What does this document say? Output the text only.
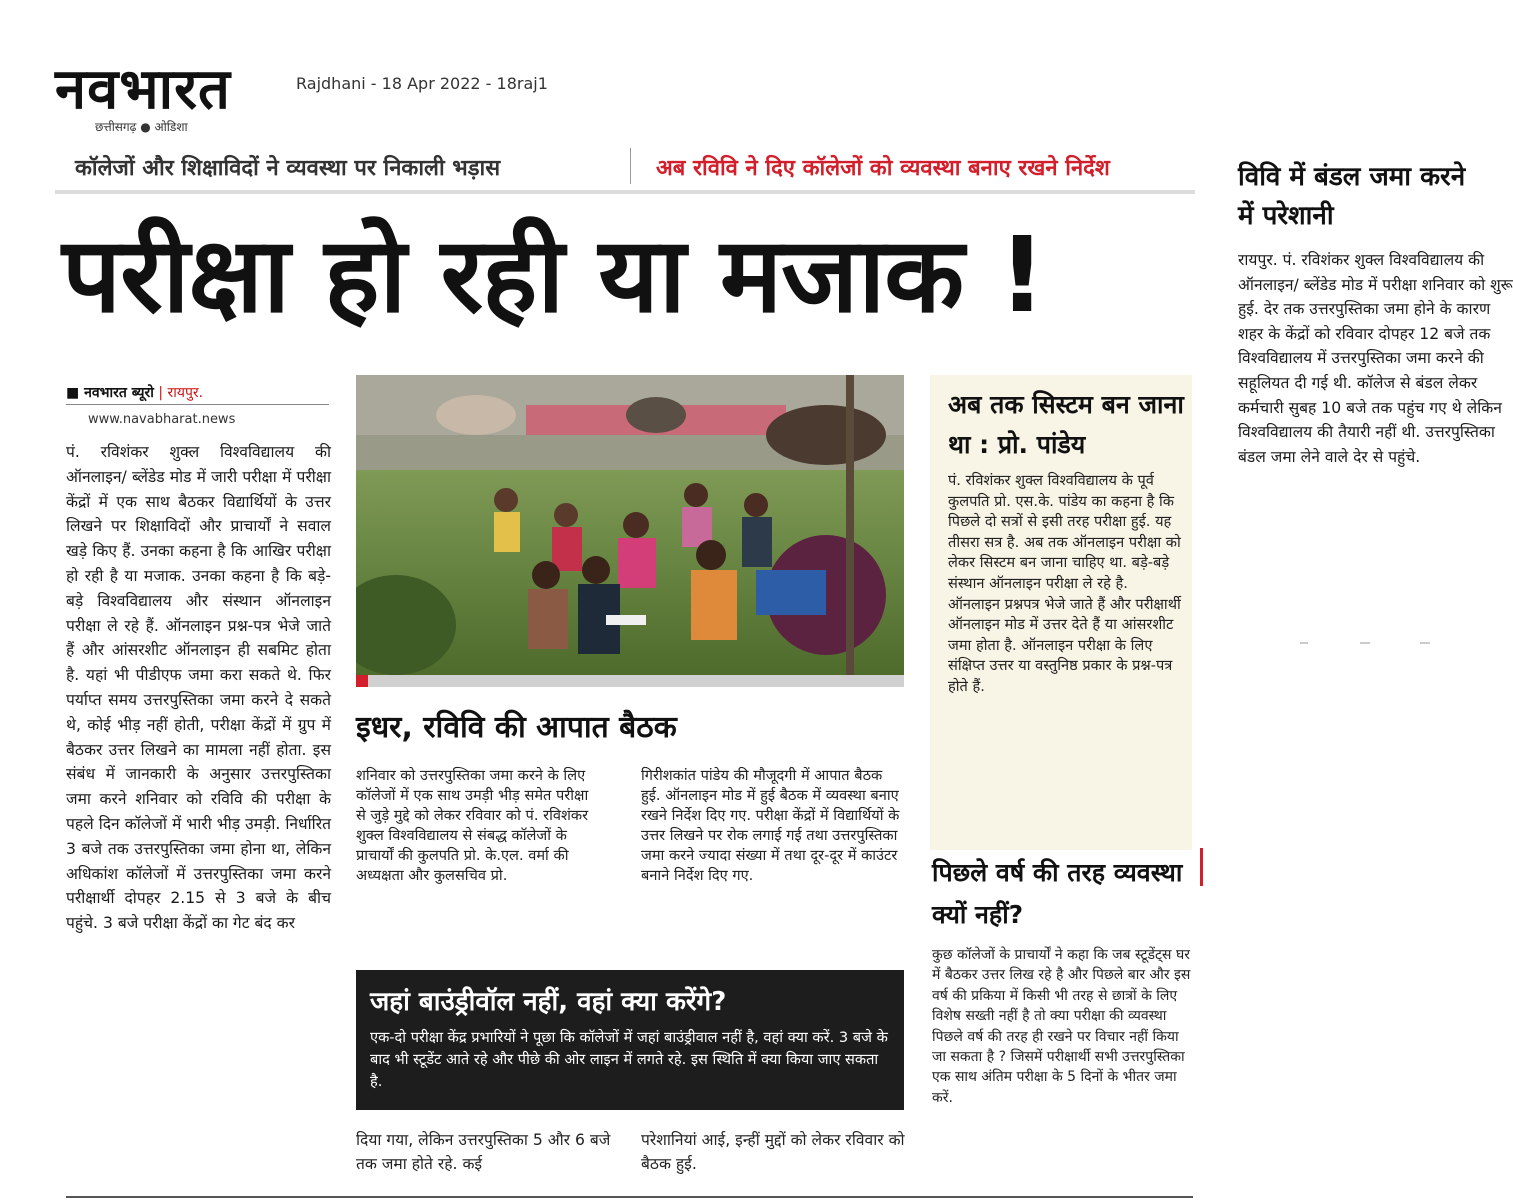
नवभारत
छत्तीसगढ़ ● ओडिशा
Rajdhani - 18 Apr 2022 - 18raj1
कॉलेजों और शिक्षाविदों ने व्यवस्था पर निकाली भड़ास	अब रविवि ने दिए कॉलेजों को व्यवस्था बनाए रखने निर्देश
परीक्षा हो रही या मजाक !
■ नवभारत ब्यूरो | रायपुर.
www.navabharat.news
पं. रविशंकर शुक्ल विश्वविद्यालय की ऑनलाइन/ ब्लेंडेड मोड में जारी परीक्षा में परीक्षा केंद्रों में एक साथ बैठकर विद्यार्थियों के उत्तर लिखने पर शिक्षाविदों और प्राचार्यों ने सवाल खड़े किए हैं. उनका कहना है कि आखिर परीक्षा हो रही है या मजाक. उनका कहना है कि बड़े-बड़े विश्वविद्यालय और संस्थान ऑनलाइन परीक्षा ले रहे हैं. ऑनलाइन प्रश्न-पत्र भेजे जाते हैं और आंसरशीट ऑनलाइन ही सबमिट होता है. यहां भी पीडीएफ जमा करा सकते थे. फिर पर्याप्त समय उत्तरपुस्तिका जमा करने दे सकते थे, कोई भीड़ नहीं होती, परीक्षा केंद्रों में ग्रुप में बैठकर उत्तर लिखने का मामला नहीं होता. इस संबंध में जानकारी के अनुसार उत्तरपुस्तिका जमा करने शनिवार को रविवि की परीक्षा के पहले दिन कॉलेजों में भारी भीड़ उमड़ी. निर्धारित 3 बजे तक उत्तरपुस्तिका जमा होना था, लेकिन अधिकांश कॉलेजों में उत्तरपुस्तिका जमा करने परीक्षार्थी दोपहर 2.15 से 3 बजे के बीच पहुंचे. 3 बजे परीक्षा केंद्रों का गेट बंद कर
इधर, रविवि की आपात बैठक
शनिवार को उत्तरपुस्तिका जमा करने के लिए कॉलेजों में एक साथ उमड़ी भीड़ समेत परीक्षा से जुड़े मुद्दे को लेकर रविवार को पं. रविशंकर शुक्ल विश्वविद्यालय से संबद्ध कॉलेजों के प्राचार्यों की कुलपति प्रो. के.एल. वर्मा की अध्यक्षता और कुलसचिव प्रो.
गिरीशकांत पांडेय की मौजूदगी में आपात बैठक हुई. ऑनलाइन मोड में हुई बैठक में व्यवस्था बनाए रखने निर्देश दिए गए. परीक्षा केंद्रों में विद्यार्थियों के उत्तर लिखने पर रोक लगाई गई तथा उत्तरपुस्तिका जमा करने ज्यादा संख्या में तथा दूर-दूर में काउंटर बनाने निर्देश दिए गए.
जहां बाउंड्रीवॉल नहीं, वहां क्या करेंगे?
एक-दो परीक्षा केंद्र प्रभारियों ने पूछा कि कॉलेजों में जहां बाउंड्रीवाल नहीं है, वहां क्या करें. 3 बजे के बाद भी स्टूडेंट आते रहे और पीछे की ओर लाइन में लगते रहे. इस स्थिति में क्या किया जाए सकता है.
दिया गया, लेकिन उत्तरपुस्तिका 5 और 6 बजे तक जमा होते रहे. कई
परेशानियां आई, इन्हीं मुद्दों को लेकर रविवार को बैठक हुई.
अब तक सिस्टम बन जाना था : प्रो. पांडेय
पं. रविशंकर शुक्ल विश्वविद्यालय के पूर्व कुलपति प्रो. एस.के. पांडेय का कहना है कि पिछले दो सत्रों से इसी तरह परीक्षा हुई. यह तीसरा सत्र है. अब तक ऑनलाइन परीक्षा को लेकर सिस्टम बन जाना चाहिए था. बड़े-बड़े संस्थान ऑनलाइन परीक्षा ले रहे है. ऑनलाइन प्रश्नपत्र भेजे जाते हैं और परीक्षार्थी ऑनलाइन मोड में उत्तर देते हैं या आंसरशीट जमा होता है. ऑनलाइन परीक्षा के लिए संक्षिप्त उत्तर या वस्तुनिष्ठ प्रकार के प्रश्न-पत्र होते हैं.
पिछले वर्ष की तरह व्यवस्था क्यों नहीं?
कुछ कॉलेजों के प्राचार्यों ने कहा कि जब स्टूडेंट्स घर में बैठकर उत्तर लिख रहे है और पिछले बार और इस वर्ष की प्रकिया में किसी भी तरह से छात्रों के लिए विशेष सख्ती नहीं है तो क्या परीक्षा की व्यवस्था पिछले वर्ष की तरह ही रखने पर विचार नहीं किया जा सकता है ? जिसमें परीक्षार्थी सभी उत्तरपुस्तिका एक साथ अंतिम परीक्षा के 5 दिनों के भीतर जमा करें.
विवि में बंडल जमा करने में परेशानी
रायपुर. पं. रविशंकर शुक्ल विश्वविद्यालय की ऑनलाइन/ ब्लेंडेड मोड में परीक्षा शनिवार को शुरू हुई. देर तक उत्तरपुस्तिका जमा होने के कारण शहर के केंद्रों को रविवार दोपहर 12 बजे तक विश्वविद्यालय में उत्तरपुस्तिका जमा करने की सहूलियत दी गई थी. कॉलेज से बंडल लेकर कर्मचारी सुबह 10 बजे तक पहुंच गए थे लेकिन विश्वविद्यालय की तैयारी नहीं थी. उत्तरपुस्तिका बंडल जमा लेने वाले देर से पहुंचे.
